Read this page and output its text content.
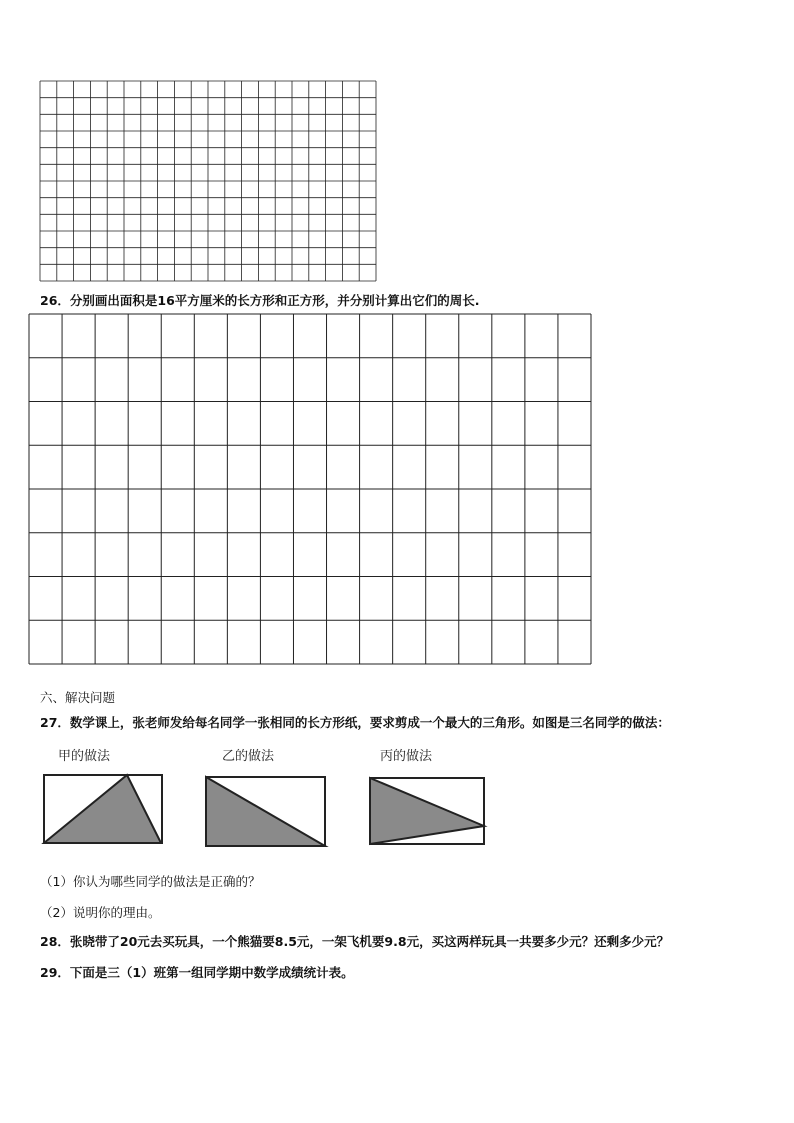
26．分别画出面积是16平方厘米的长方形和正方形，并分别计算出它们的周长.
六、解决问题
27．数学课上，张老师发给每名同学一张相同的长方形纸，要求剪成一个最大的三角形。如图是三名同学的做法：
甲的做法	乙的做法	丙的做法
（1）你认为哪些同学的做法是正确的？
（2）说明你的理由。
28．张晓带了20元去买玩具，一个熊猫要8.5元，一架飞机要9.8元，买这两样玩具一共要多少元？还剩多少元？
29．下面是三（1）班第一组同学期中数学成绩统计表。
